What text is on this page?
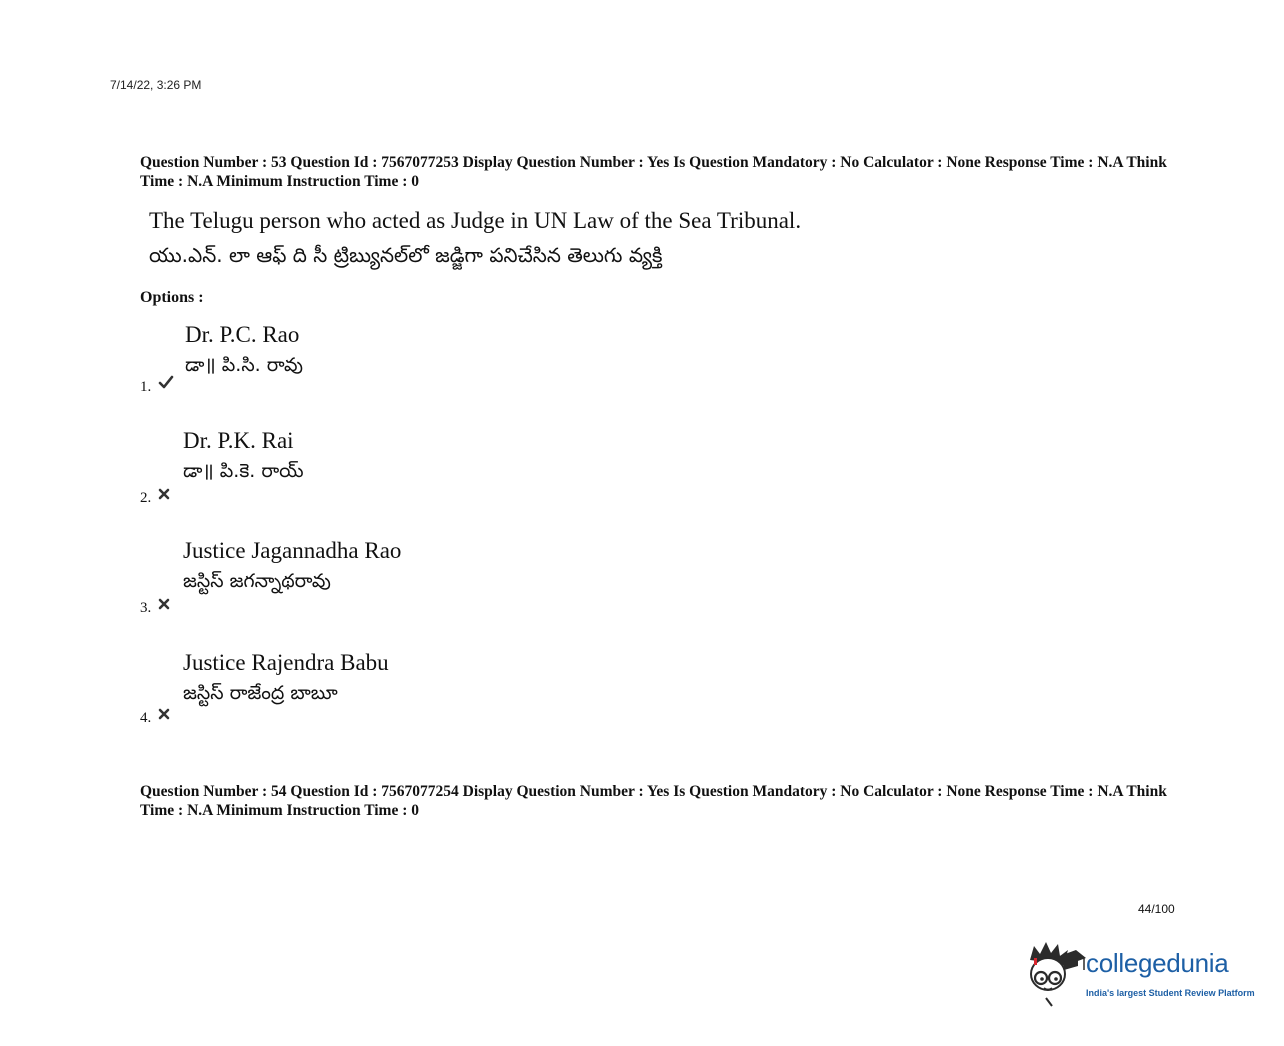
7/14/22, 3:26 PM
Question Number : 53 Question Id : 7567077253 Display Question Number : Yes Is Question Mandatory : No Calculator : None Response Time : N.A Think Time : N.A Minimum Instruction Time : 0
The Telugu person who acted as Judge in UN Law of the Sea Tribunal.
యు.ఎన్. లా ఆఫ్ ది సీ ట్రిబ్యునల్‌లో జడ్జిగా పనిచేసిన తెలుగు వ్యక్తి
Options :
Dr. P.C. Rao
డా॥ పి.సి. రావు
1.
Dr. P.K. Rai
డా॥ పి.కె. రాయ్
2.
Justice Jagannadha Rao
జస్టిస్ జగన్నాథరావు
3.
Justice Rajendra Babu
జస్టిస్ రాజేంద్ర బాబూ
4.
Question Number : 54 Question Id : 7567077254 Display Question Number : Yes Is Question Mandatory : No Calculator : None Response Time : N.A Think Time : N.A Minimum Instruction Time : 0
44/100
collegedunia
India's largest Student Review Platform
